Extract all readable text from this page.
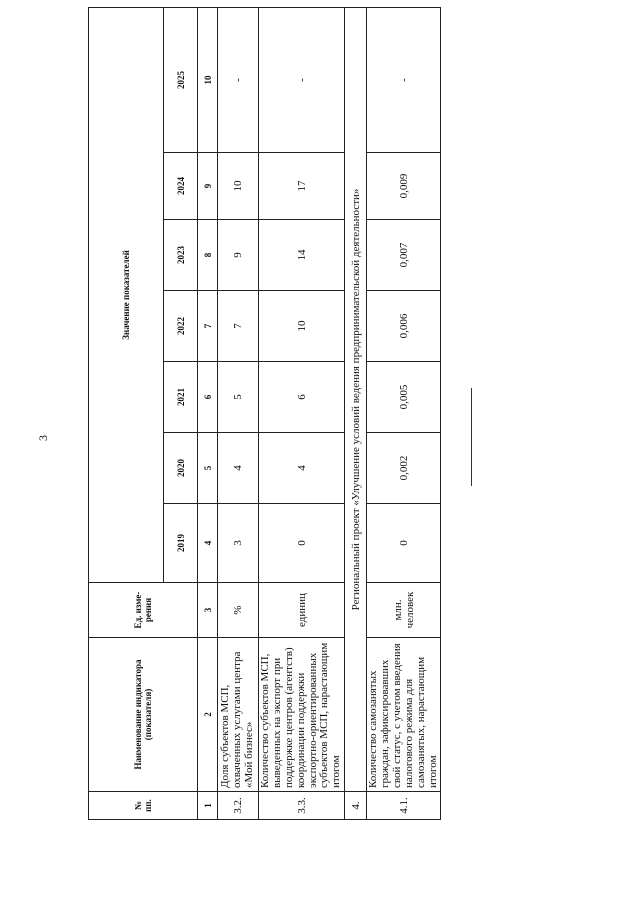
3
№ пп.	Наименование индикатора (показателя)	Ед. изме-рения	Значение показателей						
			2019	2020	2021	2022	2023	2024	2025
1	2	3	4	5	6	7	8	9	10
3.2.	Доля субъектов МСП, охваченных услугами центра «Мой бизнес»	%	3	4	5	7	9	10	-
3.3.	Количество субъектов МСП, выведенных на экспорт при поддержке центров (агентств) координации поддержки экспортно-ориентированных субъектов МСП, нарастающим итогом	единиц	0	4	6	10	14	17	-
4.	Региональный проект «Улучшение условий ведения предпринимательской деятельности»								
4.1.	Количество самозанятых граждан, зафиксировавших свой статус, с учетом введения налогового режима для самозанятых, нарастающим итогом	млн. человек	0	0,002	0,005	0,006	0,007	0,009	-
